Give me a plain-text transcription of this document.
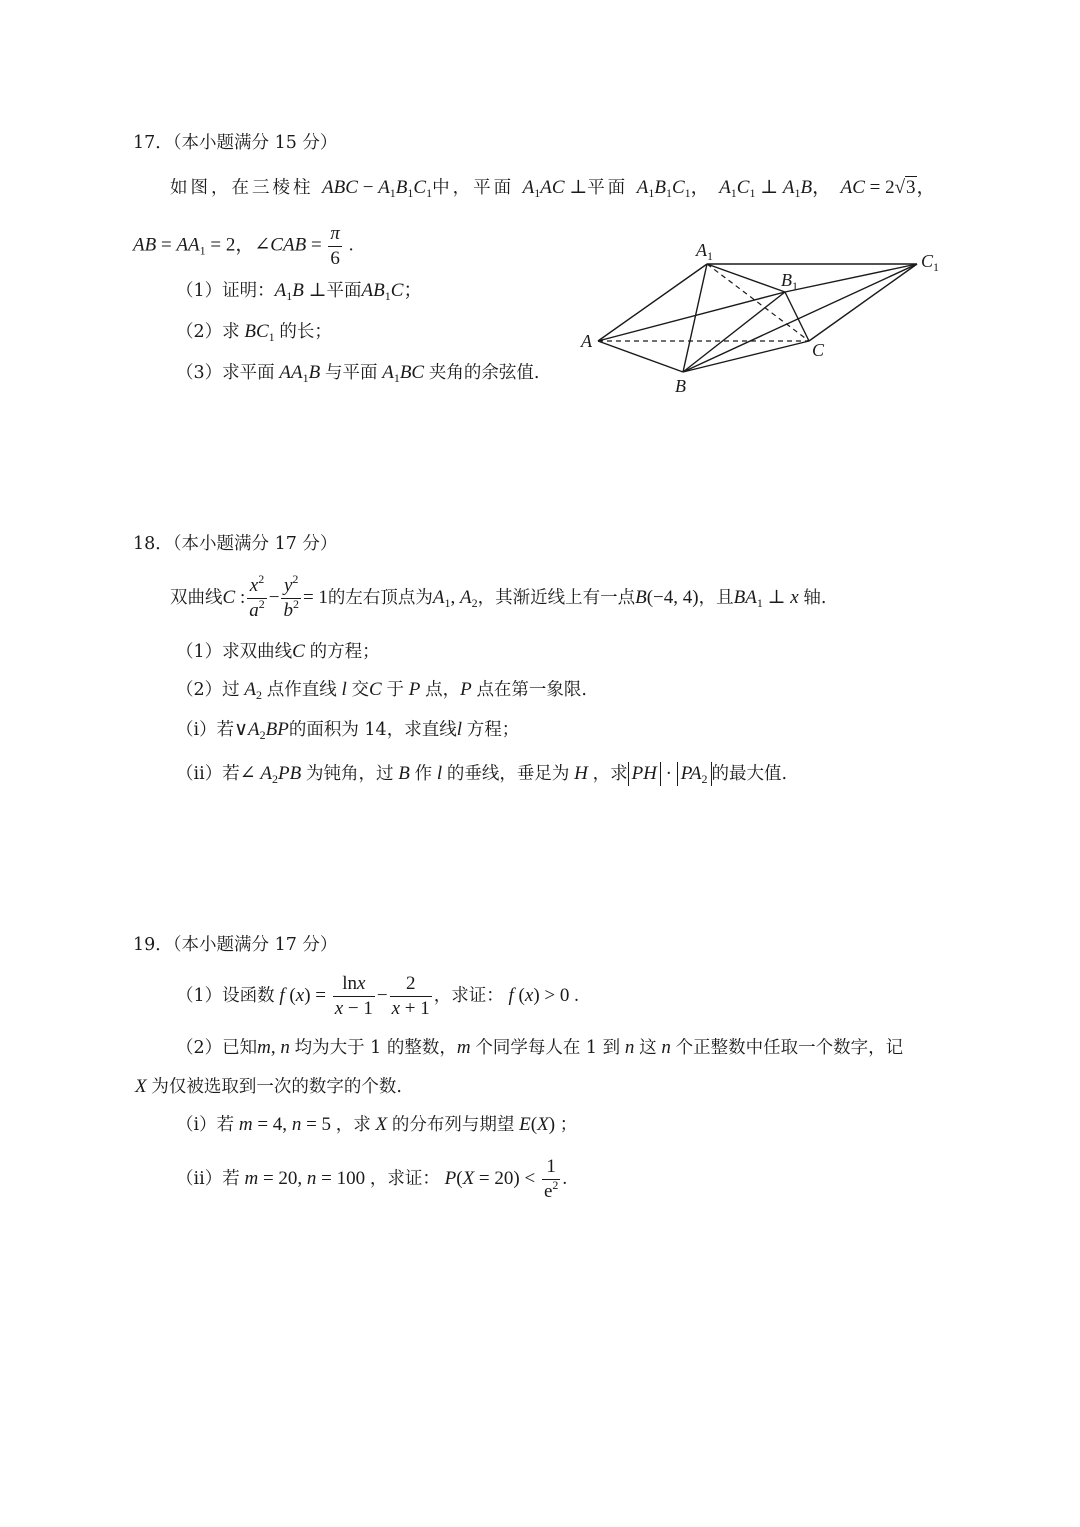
17．（本小题满分 15 分）
如图，在三棱柱 ABC − $A_1B_1C_1$中，平面 $A_1AC$ ⊥平面 $A_1B_1C_1$，  $A_1C_1$ ⊥ $A_1B$，  AC = 2√3，
AB = $AA_1 = 2$，∠CAB = $\frac{\pi}{6}$ .
（1）证明：$A_1B$ ⊥平面$AB_1C$；
（2）求 $BC_1$ 的长；
（3）求平面 $AA_1B$ 与平面 $A_1BC$ 夹角的余弦值.
A
$A_1$
B
$B_1$
C
$C_1$
18．（本小题满分 17 分）
双曲线C : $\frac{x^2}{a^2} - \frac{y^2}{b^2} = 1$的左右顶点为$A_1$, $A_2$，其渐近线上有一点B(−4, 4)，且$BA_1$ ⊥ x 轴.
（1）求双曲线C 的方程；
（2）过 $A_2$ 点作直线 l 交C 于 P 点，P 点在第一象限.
（i）若$\vee A_2BP$的面积为 14，求直线l 方程；
（ii）若∠ $A_2PB$ 为钝角，过 B 作 l 的垂线，垂足为 H ，求 PH · $PA_2$ 的最大值.
19．（本小题满分 17 分）
（1）设函数 f $(x) = \frac{\ln x}{x - 1} - \frac{2}{x + 1}$ ，求证： f (x) > 0 .
（2）已知m, n 均为大于 1 的整数，m 个同学每人在 1 到 n 这 n 个正整数中任取一个数字，记
X 为仅被选取到一次的数字的个数.
（i）若 m = 4, n = 5 ，求 X 的分布列与期望 E(X) ；
（ii）若 m = 20, n = 100 ，求证： $P(X = 20) < \frac{1}{e^2}$ .
